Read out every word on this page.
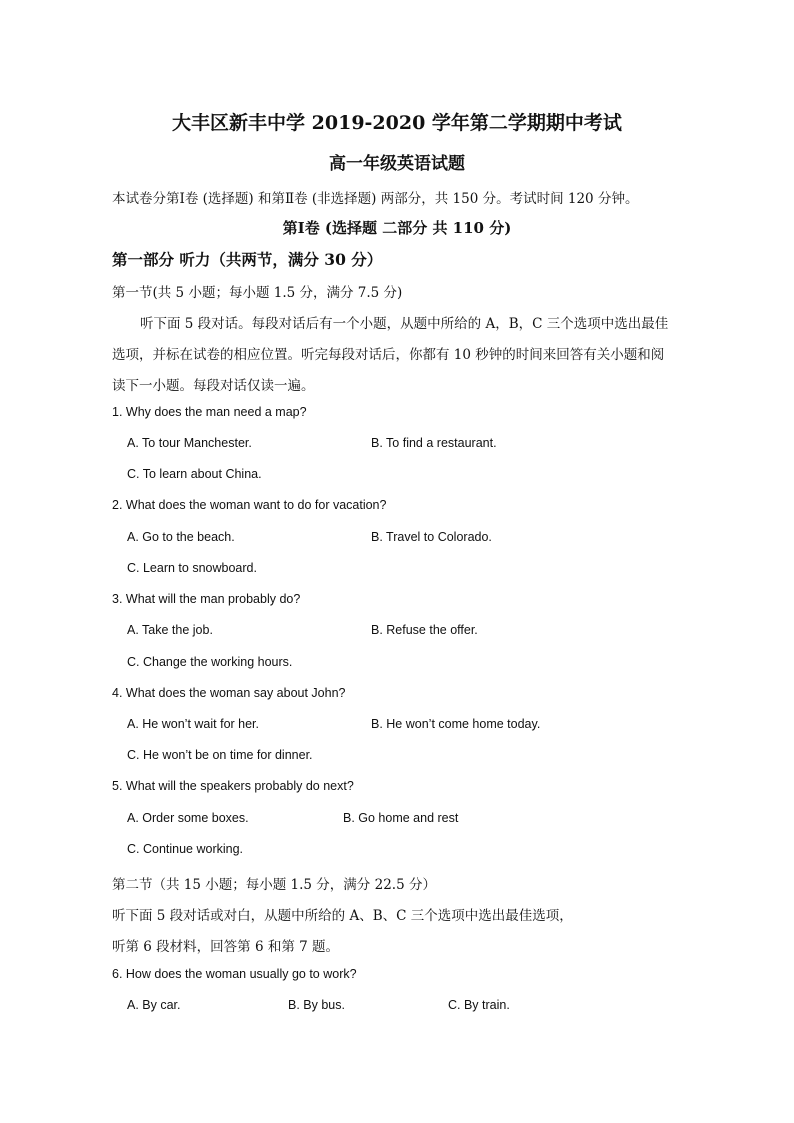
大丰区新丰中学 2019-2020 学年第二学期期中考试
高一年级英语试题
本试卷分第Ⅰ卷 (选择题) 和第Ⅱ卷 (非选择题) 两部分，共 150 分。考试时间 120 分钟。
第Ⅰ卷 (选择题 二部分 共 110 分)
第一部分 听力（共两节，满分 30 分）
第一节(共 5 小题；每小题 1.5 分，满分 7.5 分)
听下面 5 段对话。每段对话后有一个小题，从题中所给的 A，B，C 三个选项中选出最佳
选项，并标在试卷的相应位置。听完每段对话后，你都有 10 秒钟的时间来回答有关小题和阅
读下一小题。每段对话仅读一遍。
1. Why does the man need a map?
A. To tour Manchester.	B. To find a restaurant.
C. To learn about China.
2. What does the woman want to do for vacation?
A. Go to the beach.	B. Travel to Colorado.
C. Learn to snowboard.
3. What will the man probably do?
A. Take the job.	B. Refuse the offer.
C. Change the working hours.
4. What does the woman say about John?
A. He won’t wait for her.	B. He won’t come home today.
C. He won’t be on time for dinner.
5. What will the speakers probably do next?
A. Order some boxes.	B. Go home and rest
C. Continue working.
第二节（共 15 小题；每小题 1.5 分，满分 22.5 分）
听下面 5 段对话或对白，从题中所给的 A、B、C 三个选项中选出最佳选项，
听第 6 段材料，回答第 6 和第 7 题。
6. How does the woman usually go to work?
A. By car.	B. By bus.	C. By train.
